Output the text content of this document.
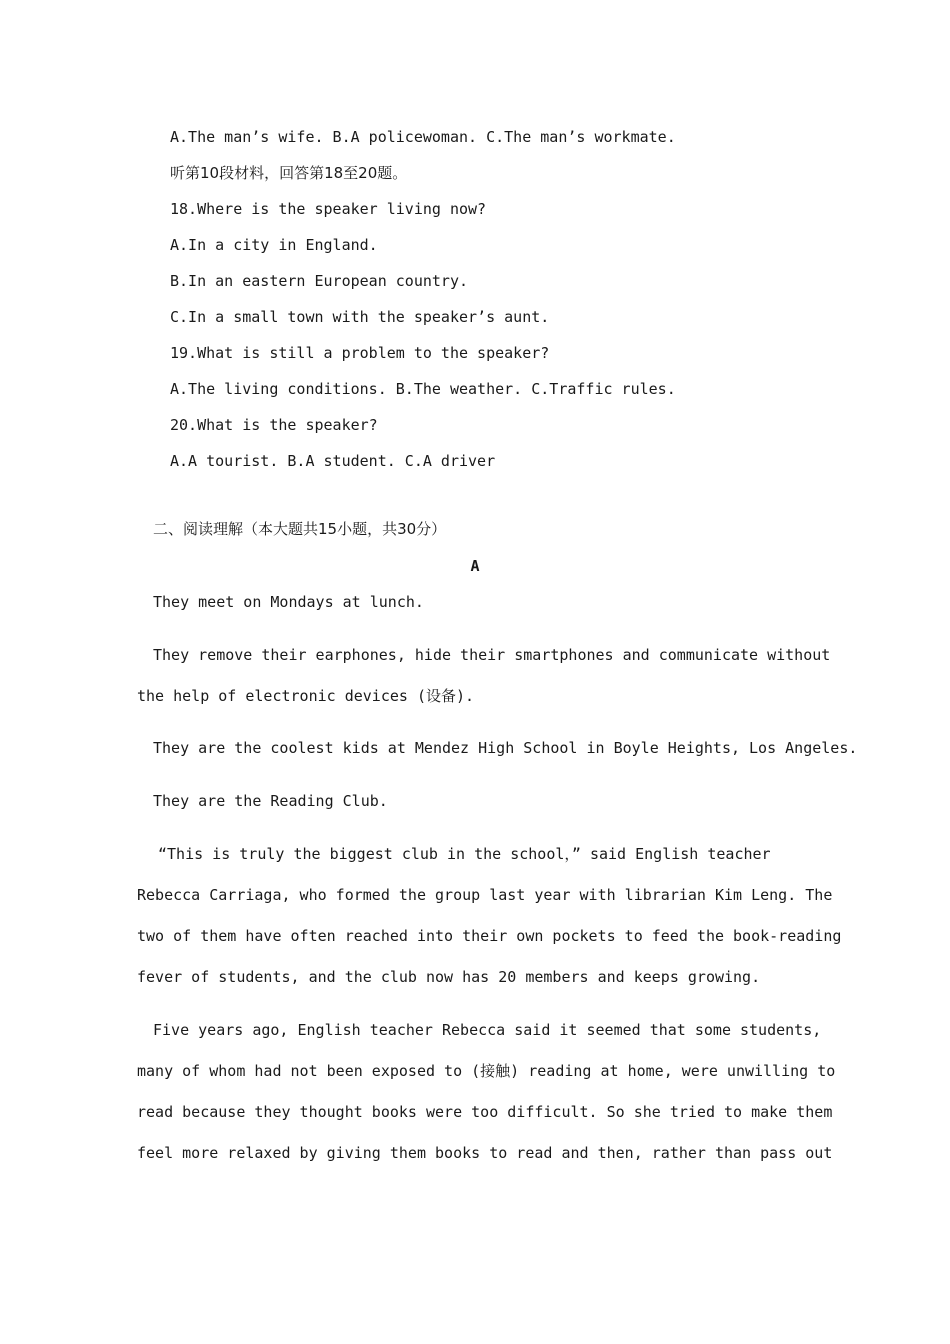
A.The man’s wife. B.A policewoman. C.The man’s workmate.
听第10段材料，回答第18至20题。
18.Where is the speaker living now?
A.In a city in England.
B.In an eastern European country.
C.In a small town with the speaker’s aunt.
19.What is still a problem to the speaker?
A.The living conditions. B.The weather. C.Traffic rules.
20.What is the speaker?
A.A tourist. B.A student. C.A driver
二、阅读理解（本大题共15小题，共30分）
A
They meet on Mondays at lunch.
They remove their earphones, hide their smartphones and communicate without
the help of electronic devices (设备).
They are the coolest kids at Mendez High School in Boyle Heights, Los Angeles.
They are the Reading Club.
“This is truly the biggest club in the school，” said English teacher
Rebecca Carriaga, who formed the group last year with librarian Kim Leng. The
two of them have often reached into their own pockets to feed the book-reading
fever of students, and the club now has 20 members and keeps growing.
Five years ago, English teacher Rebecca said it seemed that some students,
many of whom had not been exposed to (接触) reading at home, were unwilling to
read because they thought books were too difficult. So she tried to make them
feel more relaxed by giving them books to read and then, rather than pass out
